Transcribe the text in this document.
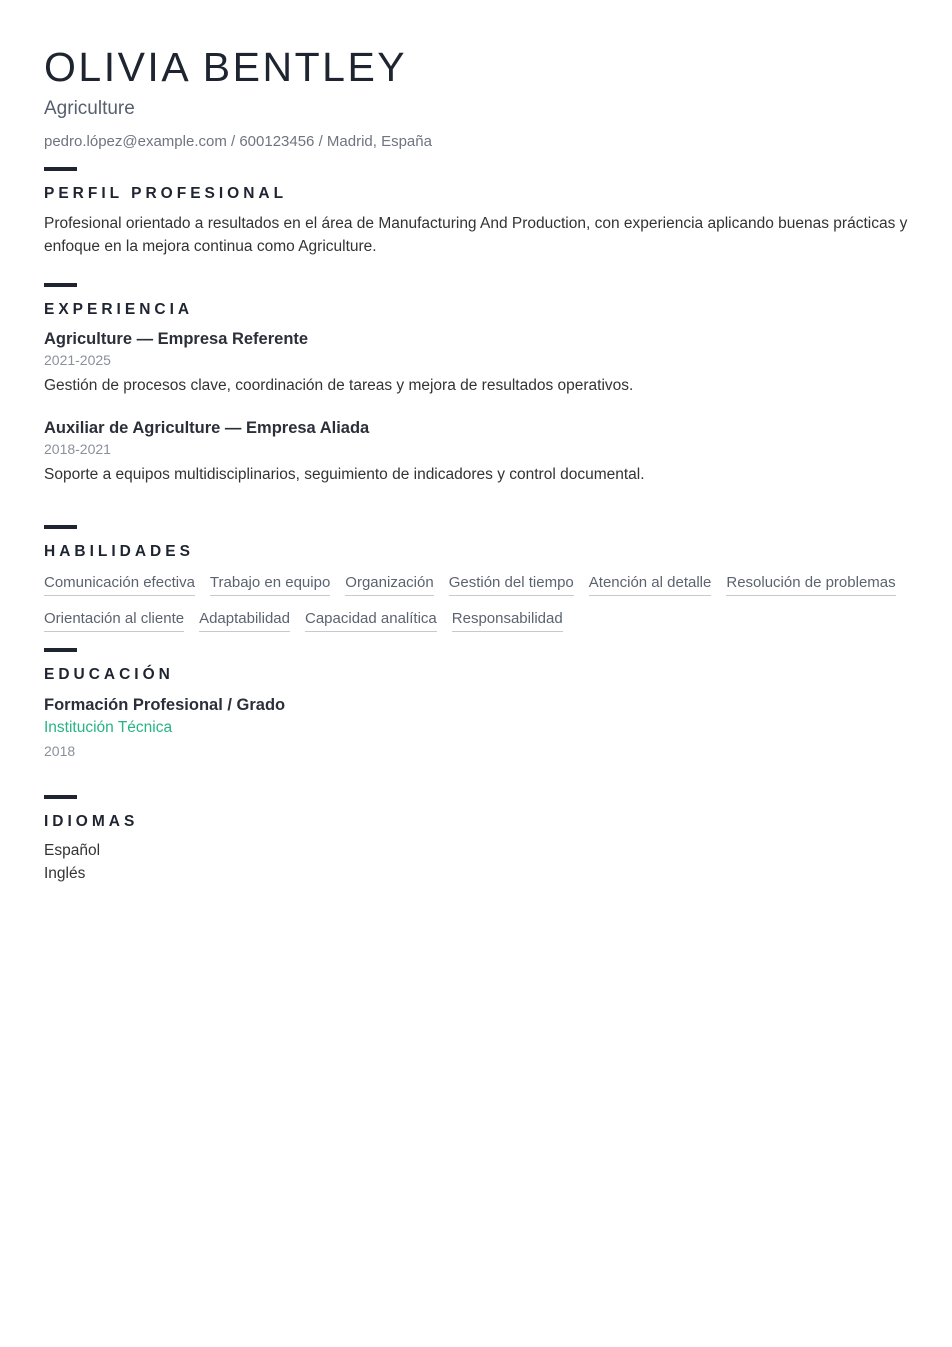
OLIVIA BENTLEY
Agriculture
pedro.lópez@example.com / 600123456 / Madrid, España
PERFIL PROFESIONAL

Profesional orientado a resultados en el área de Manufacturing And Production, con experiencia aplicando buenas prácticas y enfoque en la mejora continua como Agriculture.

EXPERIENCIA
Agriculture — Empresa Referente
2021-2025
Gestión de procesos clave, coordinación de tareas y mejora de resultados operativos.
Auxiliar de Agriculture — Empresa Aliada
2018-2021
Soporte a equipos multidisciplinarios, seguimiento de indicadores y control documental.
HABILIDADES
Comunicación efectiva Trabajo en equipo Organización Gestión del tiempo Atención al detalle Resolución de problemas
Orientación al cliente Adaptabilidad Capacidad analítica Responsabilidad
EDUCACIÓN
Formación Profesional / Grado
Institución Técnica
2018
IDIOMAS
Español
Inglés
